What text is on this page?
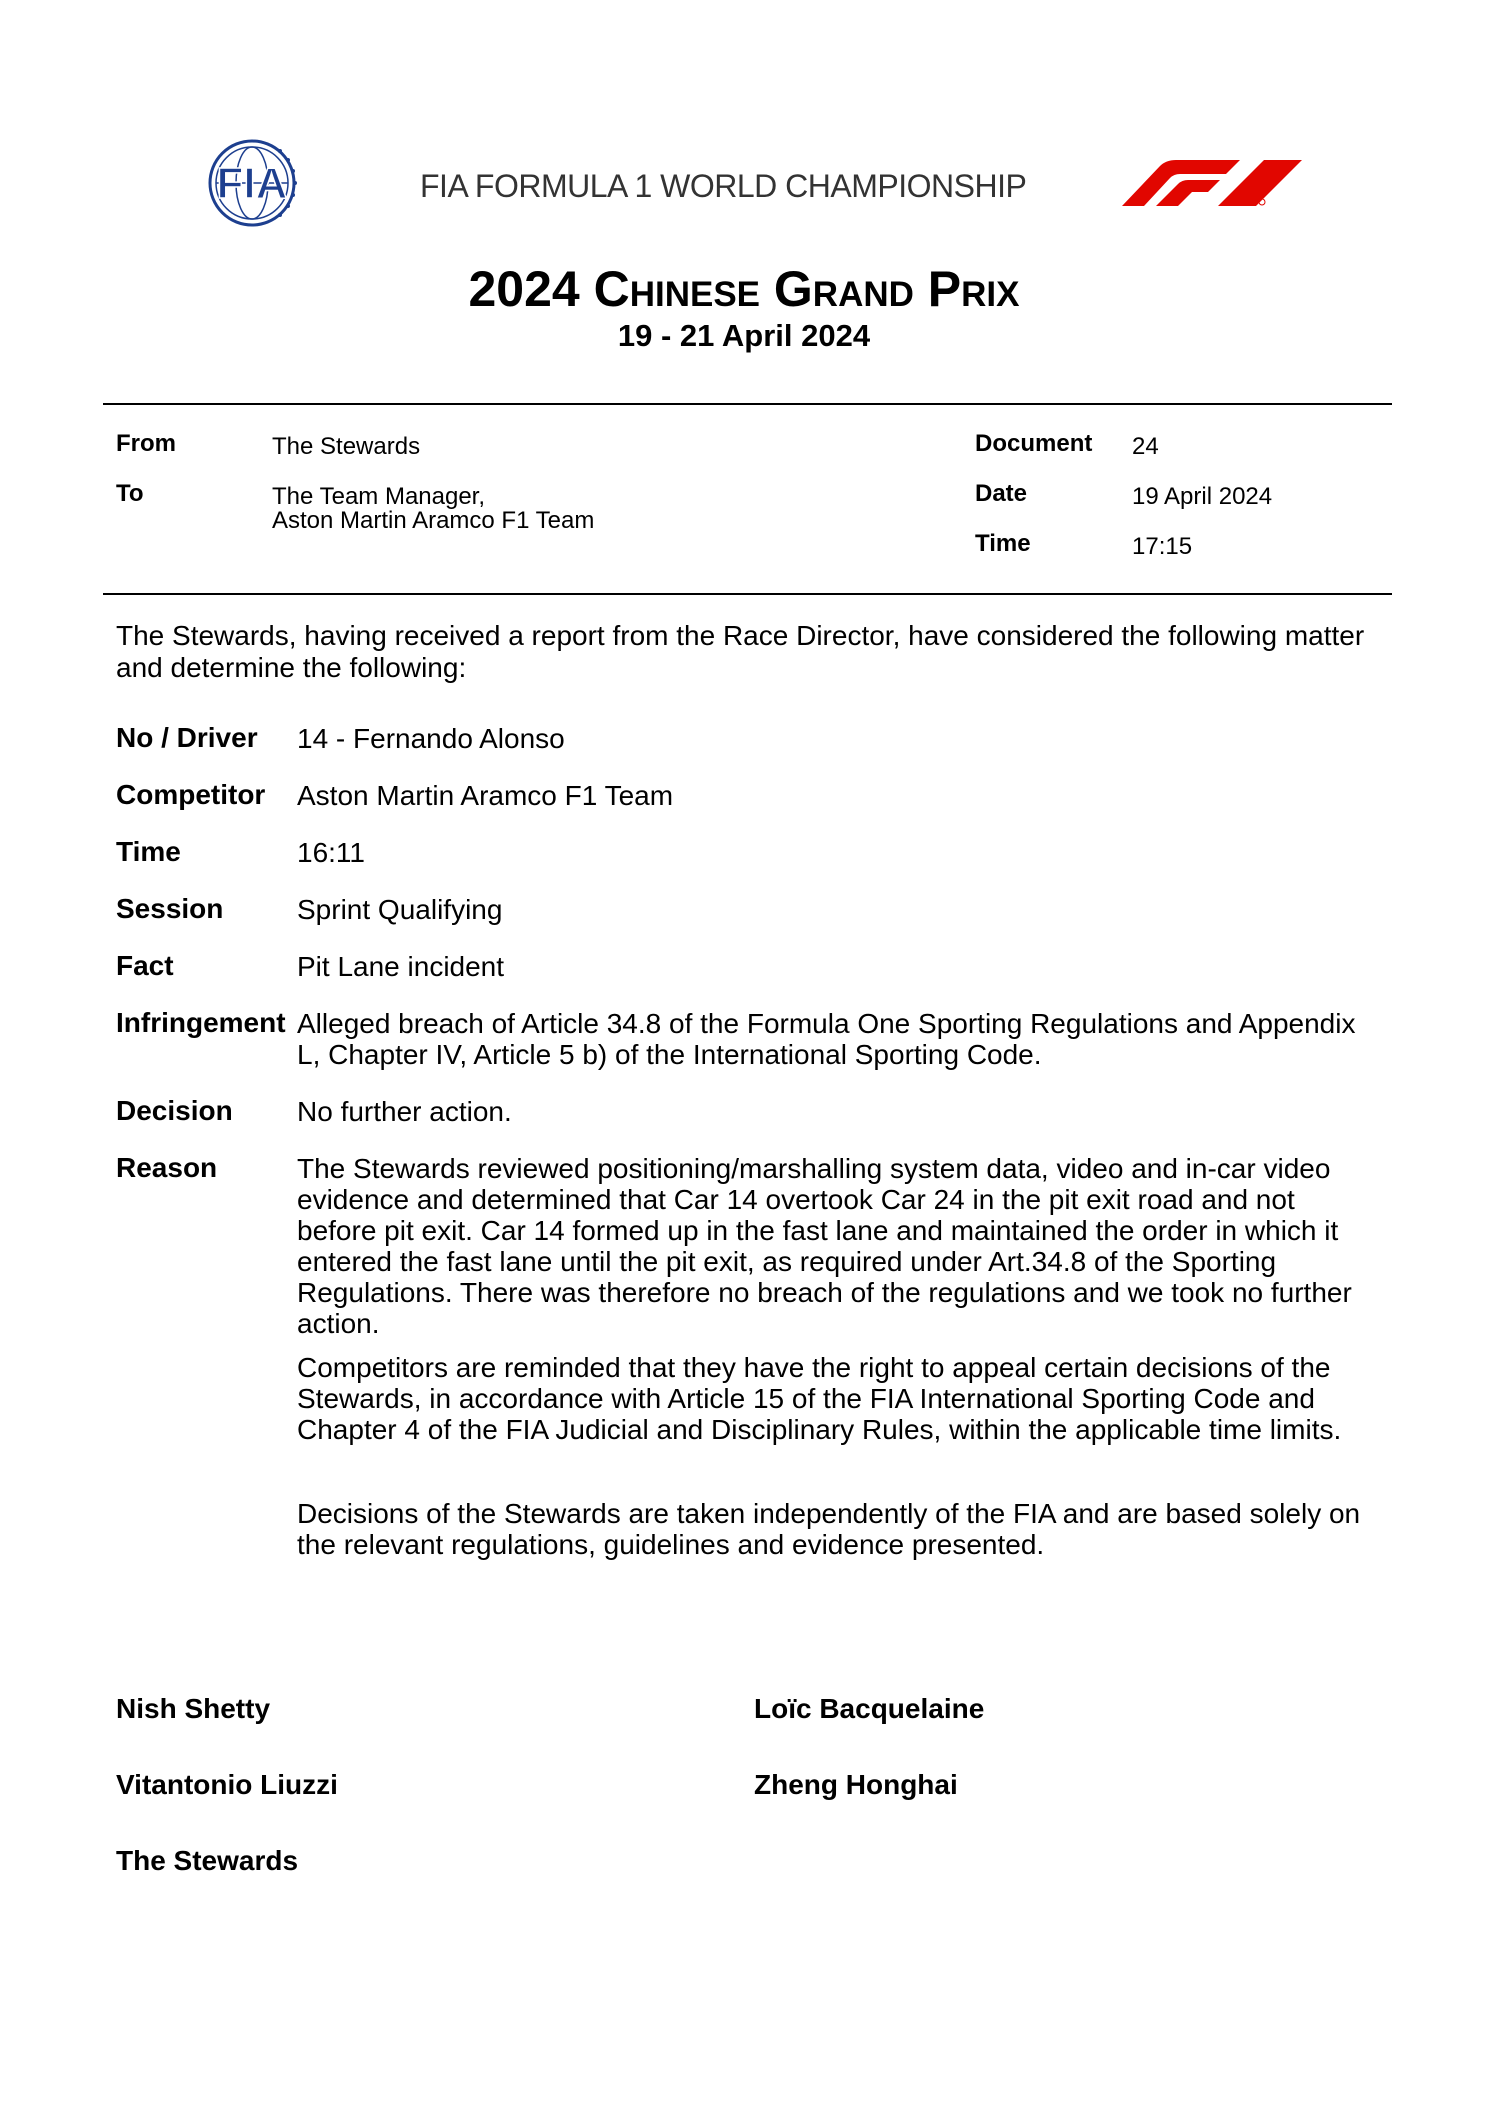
FIA	FIA FORMULA 1 WORLD CHAMPIONSHIP
2024 Chinese Grand Prix
19 - 21 April 2024
From	The Stewards
To	The Team Manager,
Aston Martin Aramco F1 Team
Document 24
Date	19 April 2024
Time	17:15
The Stewards, having received a report from the Race Director, have considered the following matter and determine the following:
No / Driver 14 - Fernando Alonso
Competitor Aston Martin Aramco F1 Team
Time	16:11
Session	Sprint Qualifying
Fact	Pit Lane incident
Infringement Alleged breach of Article 34.8 of the Formula One Sporting Regulations and Appendix L, Chapter IV, Article 5 b) of the International Sporting Code.
Decision No further action.
Reason	The Stewards reviewed positioning/marshalling system data, video and in-car video evidence and determined that Car 14 overtook Car 24 in the pit exit road and not before pit exit. Car 14 formed up in the fast lane and maintained the order in which it entered the fast lane until the pit exit, as required under Art.34.8 of the Sporting Regulations. There was therefore no breach of the regulations and we took no further action.
Competitors are reminded that they have the right to appeal certain decisions of the Stewards, in accordance with Article 15 of the FIA International Sporting Code and Chapter 4 of the FIA Judicial and Disciplinary Rules, within the applicable time limits.
Decisions of the Stewards are taken independently of the FIA and are based solely on the relevant regulations, guidelines and evidence presented.
Nish Shetty	Loïc Bacquelaine
Vitantonio Liuzzi	Zheng Honghai
The Stewards
